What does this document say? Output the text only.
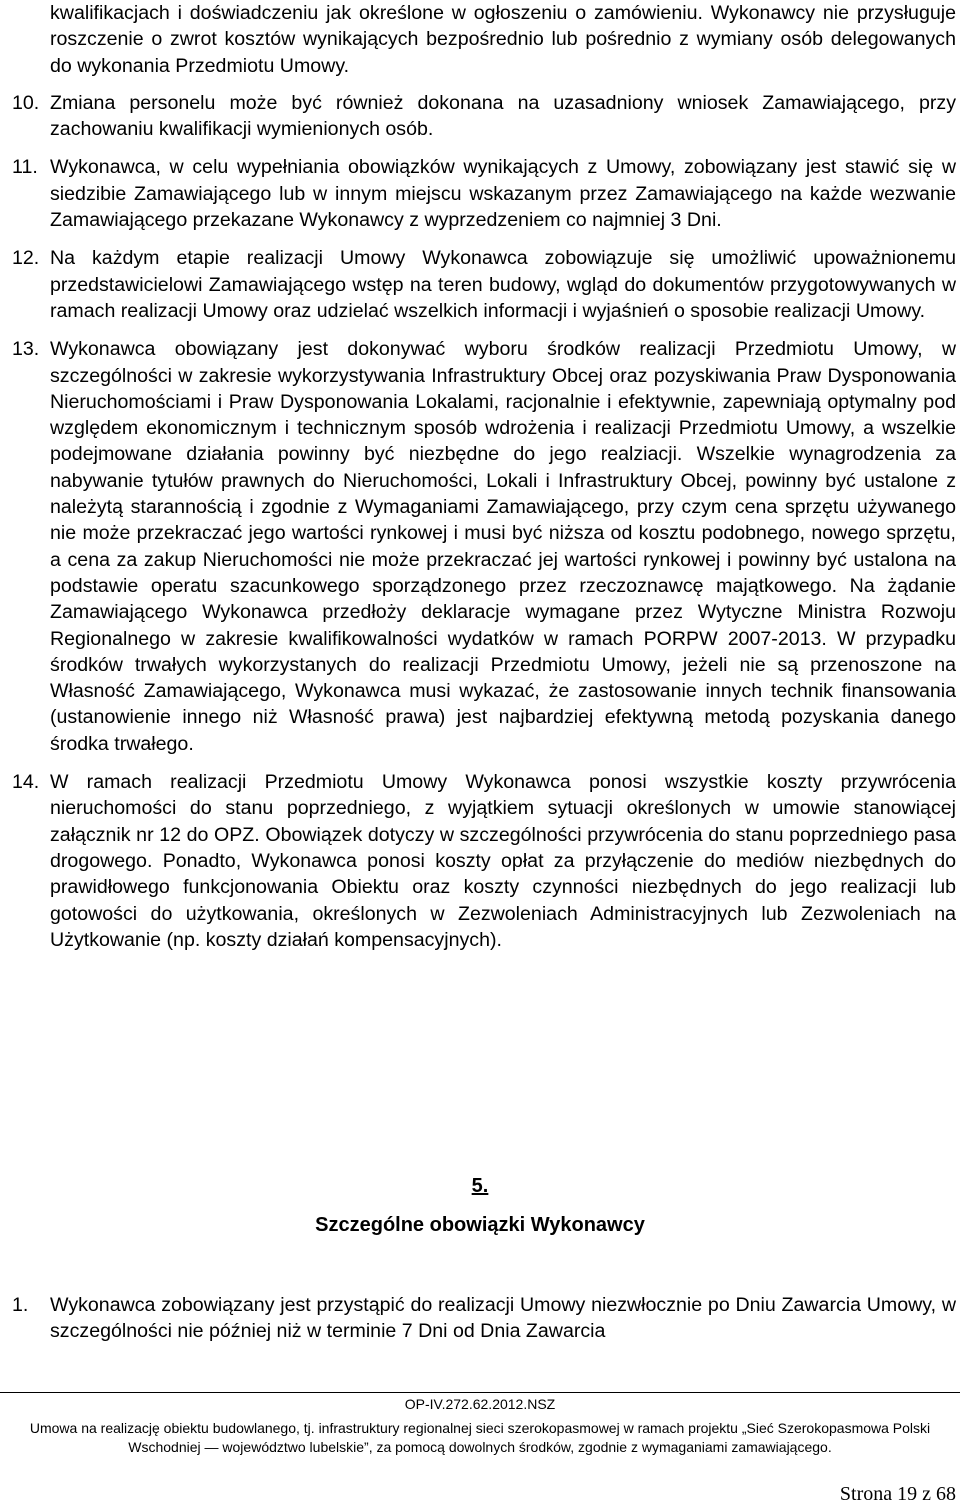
kwalifikacjach i doświadczeniu jak określone w ogłoszeniu o zamówieniu. Wykonawcy nie przysługuje roszczenie o zwrot kosztów wynikających bezpośrednio lub pośrednio z wymiany osób delegowanych do wykonania Przedmiotu Umowy.

10. Zmiana personelu może być również dokonana na uzasadniony wniosek Zamawiającego, przy zachowaniu kwalifikacji wymienionych osób.
11. Wykonawca, w celu wypełniania obowiązków wynikających z Umowy, zobowiązany jest stawić się w siedzibie Zamawiającego lub w innym miejscu wskazanym przez Zamawiającego na każde wezwanie Zamawiającego przekazane Wykonawcy z wyprzedzeniem co najmniej 3 Dni.
12. Na każdym etapie realizacji Umowy Wykonawca zobowiązuje się umożliwić upoważnionemu przedstawicielowi Zamawiającego wstęp na teren budowy, wgląd do dokumentów przygotowywanych w ramach realizacji Umowy oraz udzielać wszelkich informacji i wyjaśnień o sposobie realizacji Umowy.
13. Wykonawca obowiązany jest dokonywać wyboru środków realizacji Przedmiotu Umowy, w szczególności w zakresie wykorzystywania Infrastruktury Obcej oraz pozyskiwania Praw Dysponowania Nieruchomościami i Praw Dysponowania Lokalami, racjonalnie i efektywnie, zapewniają optymalny pod względem ekonomicznym i technicznym sposób wdrożenia i realizacji Przedmiotu Umowy, a wszelkie podejmowane działania powinny być niezbędne do jego realziacji. Wszelkie wynagrodzenia za nabywanie tytułów prawnych do Nieruchomości, Lokali i Infrastruktury Obcej, powinny być ustalone z należytą starannością i zgodnie z Wymaganiami Zamawiającego, przy czym cena sprzętu używanego nie może przekraczać jego wartości rynkowej i musi być niższa od kosztu podobnego, nowego sprzętu, a cena za zakup Nieruchomości nie może przekraczać jej wartości rynkowej i powinny być ustalona na podstawie operatu szacunkowego sporządzonego przez rzeczoznawcę majątkowego. Na żądanie Zamawiającego Wykonawca przedłoży deklaracje wymagane przez Wytyczne Ministra Rozwoju Regionalnego w zakresie kwalifikowalności wydatków w ramach PORPW 2007-2013. W przypadku środków trwałych wykorzystanych do realizacji Przedmiotu Umowy, jeżeli nie są przenoszone na Własność Zamawiającego, Wykonawca musi wykazać, że zastosowanie innych technik finansowania (ustanowienie innego niż Własność prawa) jest najbardziej efektywną metodą pozyskania danego środka trwałego.
14. W ramach realizacji Przedmiotu Umowy Wykonawca ponosi wszystkie koszty przywrócenia nieruchomości do stanu poprzedniego, z wyjątkiem sytuacji określonych w umowie stanowiącej załącznik nr 12 do OPZ. Obowiązek dotyczy w szczególności przywrócenia do stanu poprzedniego pasa drogowego. Ponadto, Wykonawca ponosi koszty opłat za przyłączenie do mediów niezbędnych do prawidłowego funkcjonowania Obiektu oraz koszty czynności niezbędnych do jego realizacji lub gotowości do użytkowania, określonych w Zezwoleniach Administracyjnych lub Zezwoleniach na Użytkowanie (np. koszty działań kompensacyjnych).
5.
Szczególne obowiązki Wykonawcy
1.	Wykonawca zobowiązany jest przystąpić do realizacji Umowy niezwłocznie po Dniu Zawarcia Umowy, w szczególności nie później niż w terminie 7 Dni od Dnia Zawarcia
OP-IV.272.62.2012.NSZ
Umowa na realizację obiektu budowlanego, tj. infrastruktury regionalnej sieci szerokopasmowej w ramach projektu „Sieć Szerokopasmowa Polski Wschodniej — województwo lubelskie”, za pomocą dowolnych środków, zgodnie z wymaganiami zamawiającego.
Strona 19 z 68
